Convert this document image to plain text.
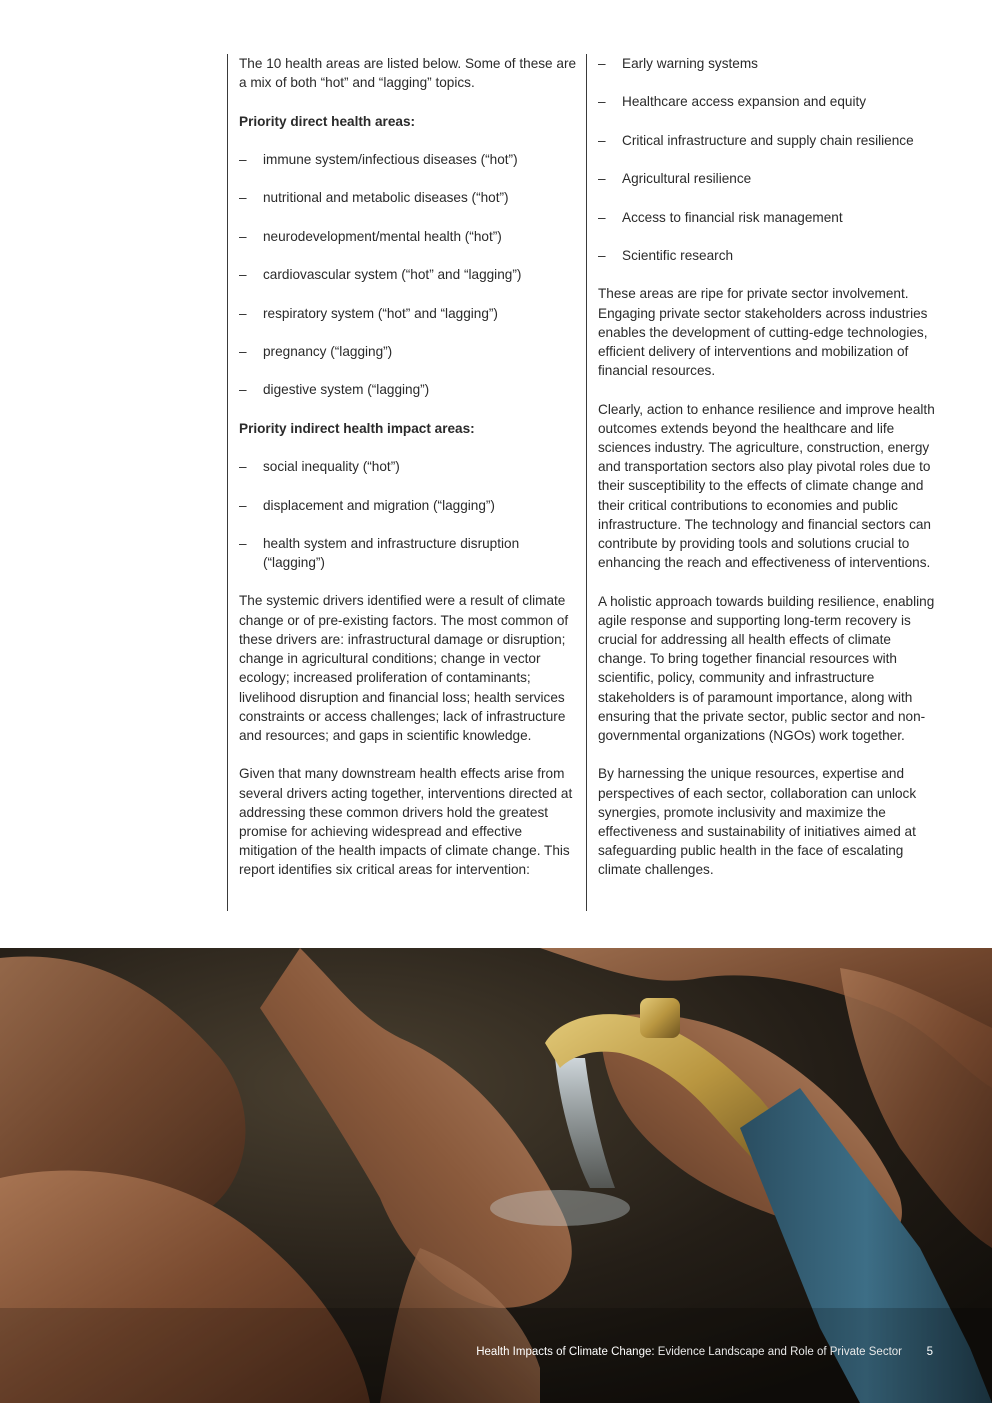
The 10 health areas are listed below. Some of these are a mix of both “hot” and “lagging” topics.

Priority direct health areas:

– immune system/infectious diseases (“hot”)
– nutritional and metabolic diseases (“hot”)
– neurodevelopment/mental health (“hot”)
– cardiovascular system (“hot” and “lagging”)
– respiratory system (“hot” and “lagging”)
– pregnancy (“lagging”)
– digestive system (“lagging”)

Priority indirect health impact areas:

– social inequality (“hot”)
– displacement and migration (“lagging”)
– health system and infrastructure disruption (“lagging”)

The systemic drivers identified were a result of climate change or of pre-existing factors. The most common of these drivers are: infrastructural damage or disruption; change in agricultural conditions; change in vector ecology; increased proliferation of contaminants; livelihood disruption and financial loss; health services constraints or access challenges; lack of infrastructure and resources; and gaps in scientific knowledge.

Given that many downstream health effects arise from several drivers acting together, interventions directed at addressing these common drivers hold the greatest promise for achieving widespread and effective mitigation of the health impacts of climate change. This report identifies six critical areas for intervention:

– Early warning systems
– Healthcare access expansion and equity
– Critical infrastructure and supply chain resilience
– Agricultural resilience
– Access to financial risk management
– Scientific research

These areas are ripe for private sector involvement. Engaging private sector stakeholders across industries enables the development of cutting-edge technologies, efficient delivery of interventions and mobilization of financial resources.

Clearly, action to enhance resilience and improve health outcomes extends beyond the healthcare and life sciences industry. The agriculture, construction, energy and transportation sectors also play pivotal roles due to their susceptibility to the effects of climate change and their critical contributions to economies and public infrastructure. The technology and financial sectors can contribute by providing tools and solutions crucial to enhancing the reach and effectiveness of interventions.

A holistic approach towards building resilience, enabling agile response and supporting long-term recovery is crucial for addressing all health effects of climate change. To bring together financial resources with scientific, policy, community and infrastructure stakeholders is of paramount importance, along with ensuring that the private sector, public sector and non-governmental organizations (NGOs) work together.

By harnessing the unique resources, expertise and perspectives of each sector, collaboration can unlock synergies, promote inclusivity and maximize the effectiveness and sustainability of initiatives aimed at safeguarding public health in the face of escalating climate challenges.

Health Impacts of Climate Change: Evidence Landscape and Role of Private Sector 5
